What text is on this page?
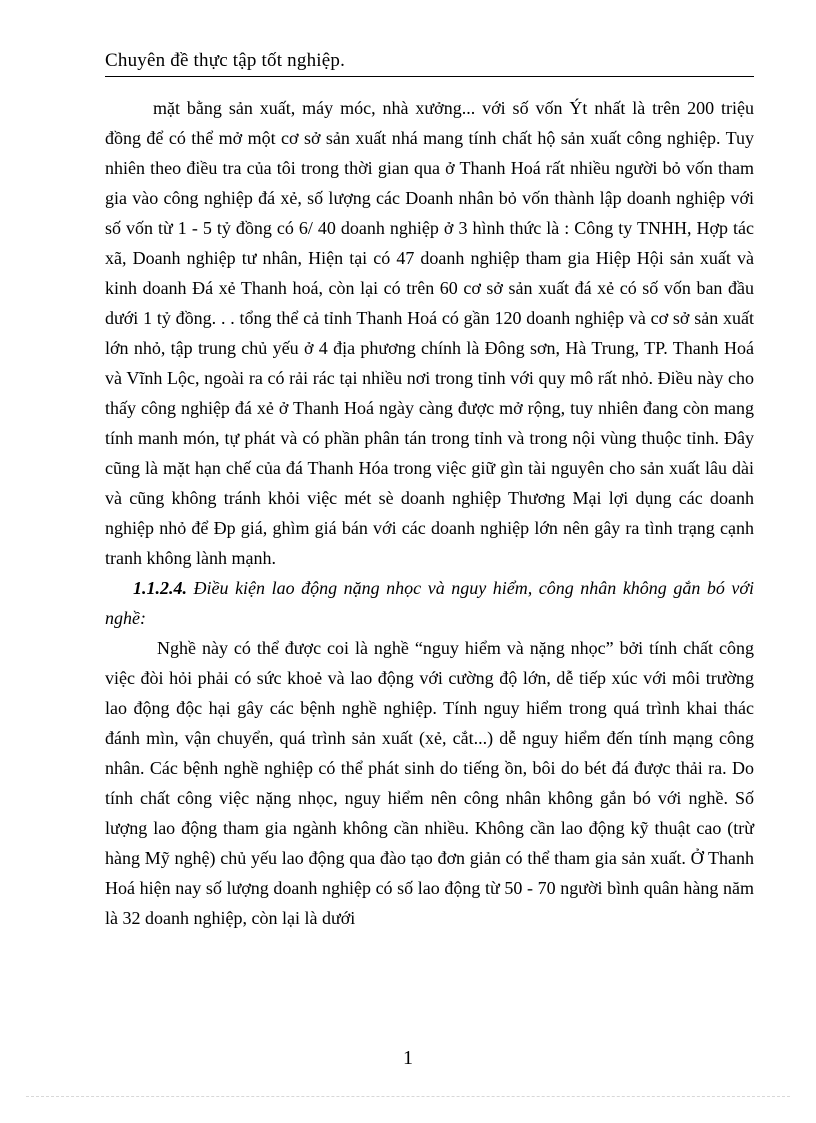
Chuyên đề thực tập tốt nghiệp.

mặt bằng sản xuất, máy móc, nhà xưởng... với số vốn Ýt nhất là trên 200 triệu đồng để có thể mở một cơ sở sản xuất nhá mang tính chất hộ sản xuất công nghiệp. Tuy nhiên theo điều tra của tôi trong thời gian qua ở Thanh Hoá rất nhiều người bỏ vốn tham gia vào công nghiệp đá xẻ, số lượng các Doanh nhân bỏ vốn thành lập doanh nghiệp với số vốn từ 1 - 5 tỷ đồng có 6/ 40 doanh nghiệp ở 3 hình thức là : Công ty TNHH, Hợp tác xã, Doanh nghiệp tư nhân, Hiện tại có 47 doanh nghiệp tham gia Hiệp Hội sản xuất và kinh doanh Đá xẻ Thanh hoá, còn lại có trên 60 cơ sở sản xuất đá xẻ có số vốn ban đầu dưới 1 tỷ đồng. . . tổng thể cả tỉnh Thanh Hoá có gần 120 doanh nghiệp và cơ sở sản xuất lớn nhỏ, tập trung chủ yếu ở 4 địa phương chính là Đông sơn, Hà Trung, TP. Thanh Hoá và Vĩnh Lộc, ngoài ra có rải rác tại nhiều nơi trong tỉnh với quy mô rất nhỏ. Điều này cho thấy công nghiệp đá xẻ ở Thanh Hoá ngày càng được mở rộng, tuy nhiên đang còn mang tính manh món, tự phát và có phần phân tán trong tỉnh và trong nội vùng thuộc tỉnh. Đây cũng là mặt hạn chế của đá Thanh Hóa trong việc giữ gìn tài nguyên cho sản xuất lâu dài và cũng không tránh khỏi việc mét sè doanh nghiệp Thương Mại lợi dụng các doanh nghiệp nhỏ để Ðp giá, ghìm giá bán với các doanh nghiệp lớn nên gây ra tình trạng cạnh tranh không lành mạnh.

1.1.2.4. Điều kiện lao động nặng nhọc và nguy hiểm, công nhân không gắn bó với nghề:

Nghề này có thể được coi là nghề “nguy hiểm và nặng nhọc” bởi tính chất công việc đòi hỏi phải có sức khoẻ và lao động với cường độ lớn, dễ tiếp xúc với môi trường lao động độc hại gây các bệnh nghề nghiệp. Tính nguy hiểm trong quá trình khai thác đánh mìn, vận chuyển, quá trình sản xuất (xẻ, cắt...) dễ nguy hiểm đến tính mạng công nhân. Các bệnh nghề nghiệp có thể phát sinh do tiếng ồn, bôi do bét đá được thải ra. Do tính chất công việc nặng nhọc, nguy hiểm nên công nhân không gắn bó với nghề. Số lượng lao động tham gia ngành không cần nhiều. Không cần lao động kỹ thuật cao (trừ hàng Mỹ nghệ) chủ yếu lao động qua đào tạo đơn giản có thể tham gia sản xuất. Ở Thanh Hoá hiện nay số lượng doanh nghiệp có số lao động từ 50 - 70 người bình quân hàng năm là 32 doanh nghiệp, còn lại là dưới

1
